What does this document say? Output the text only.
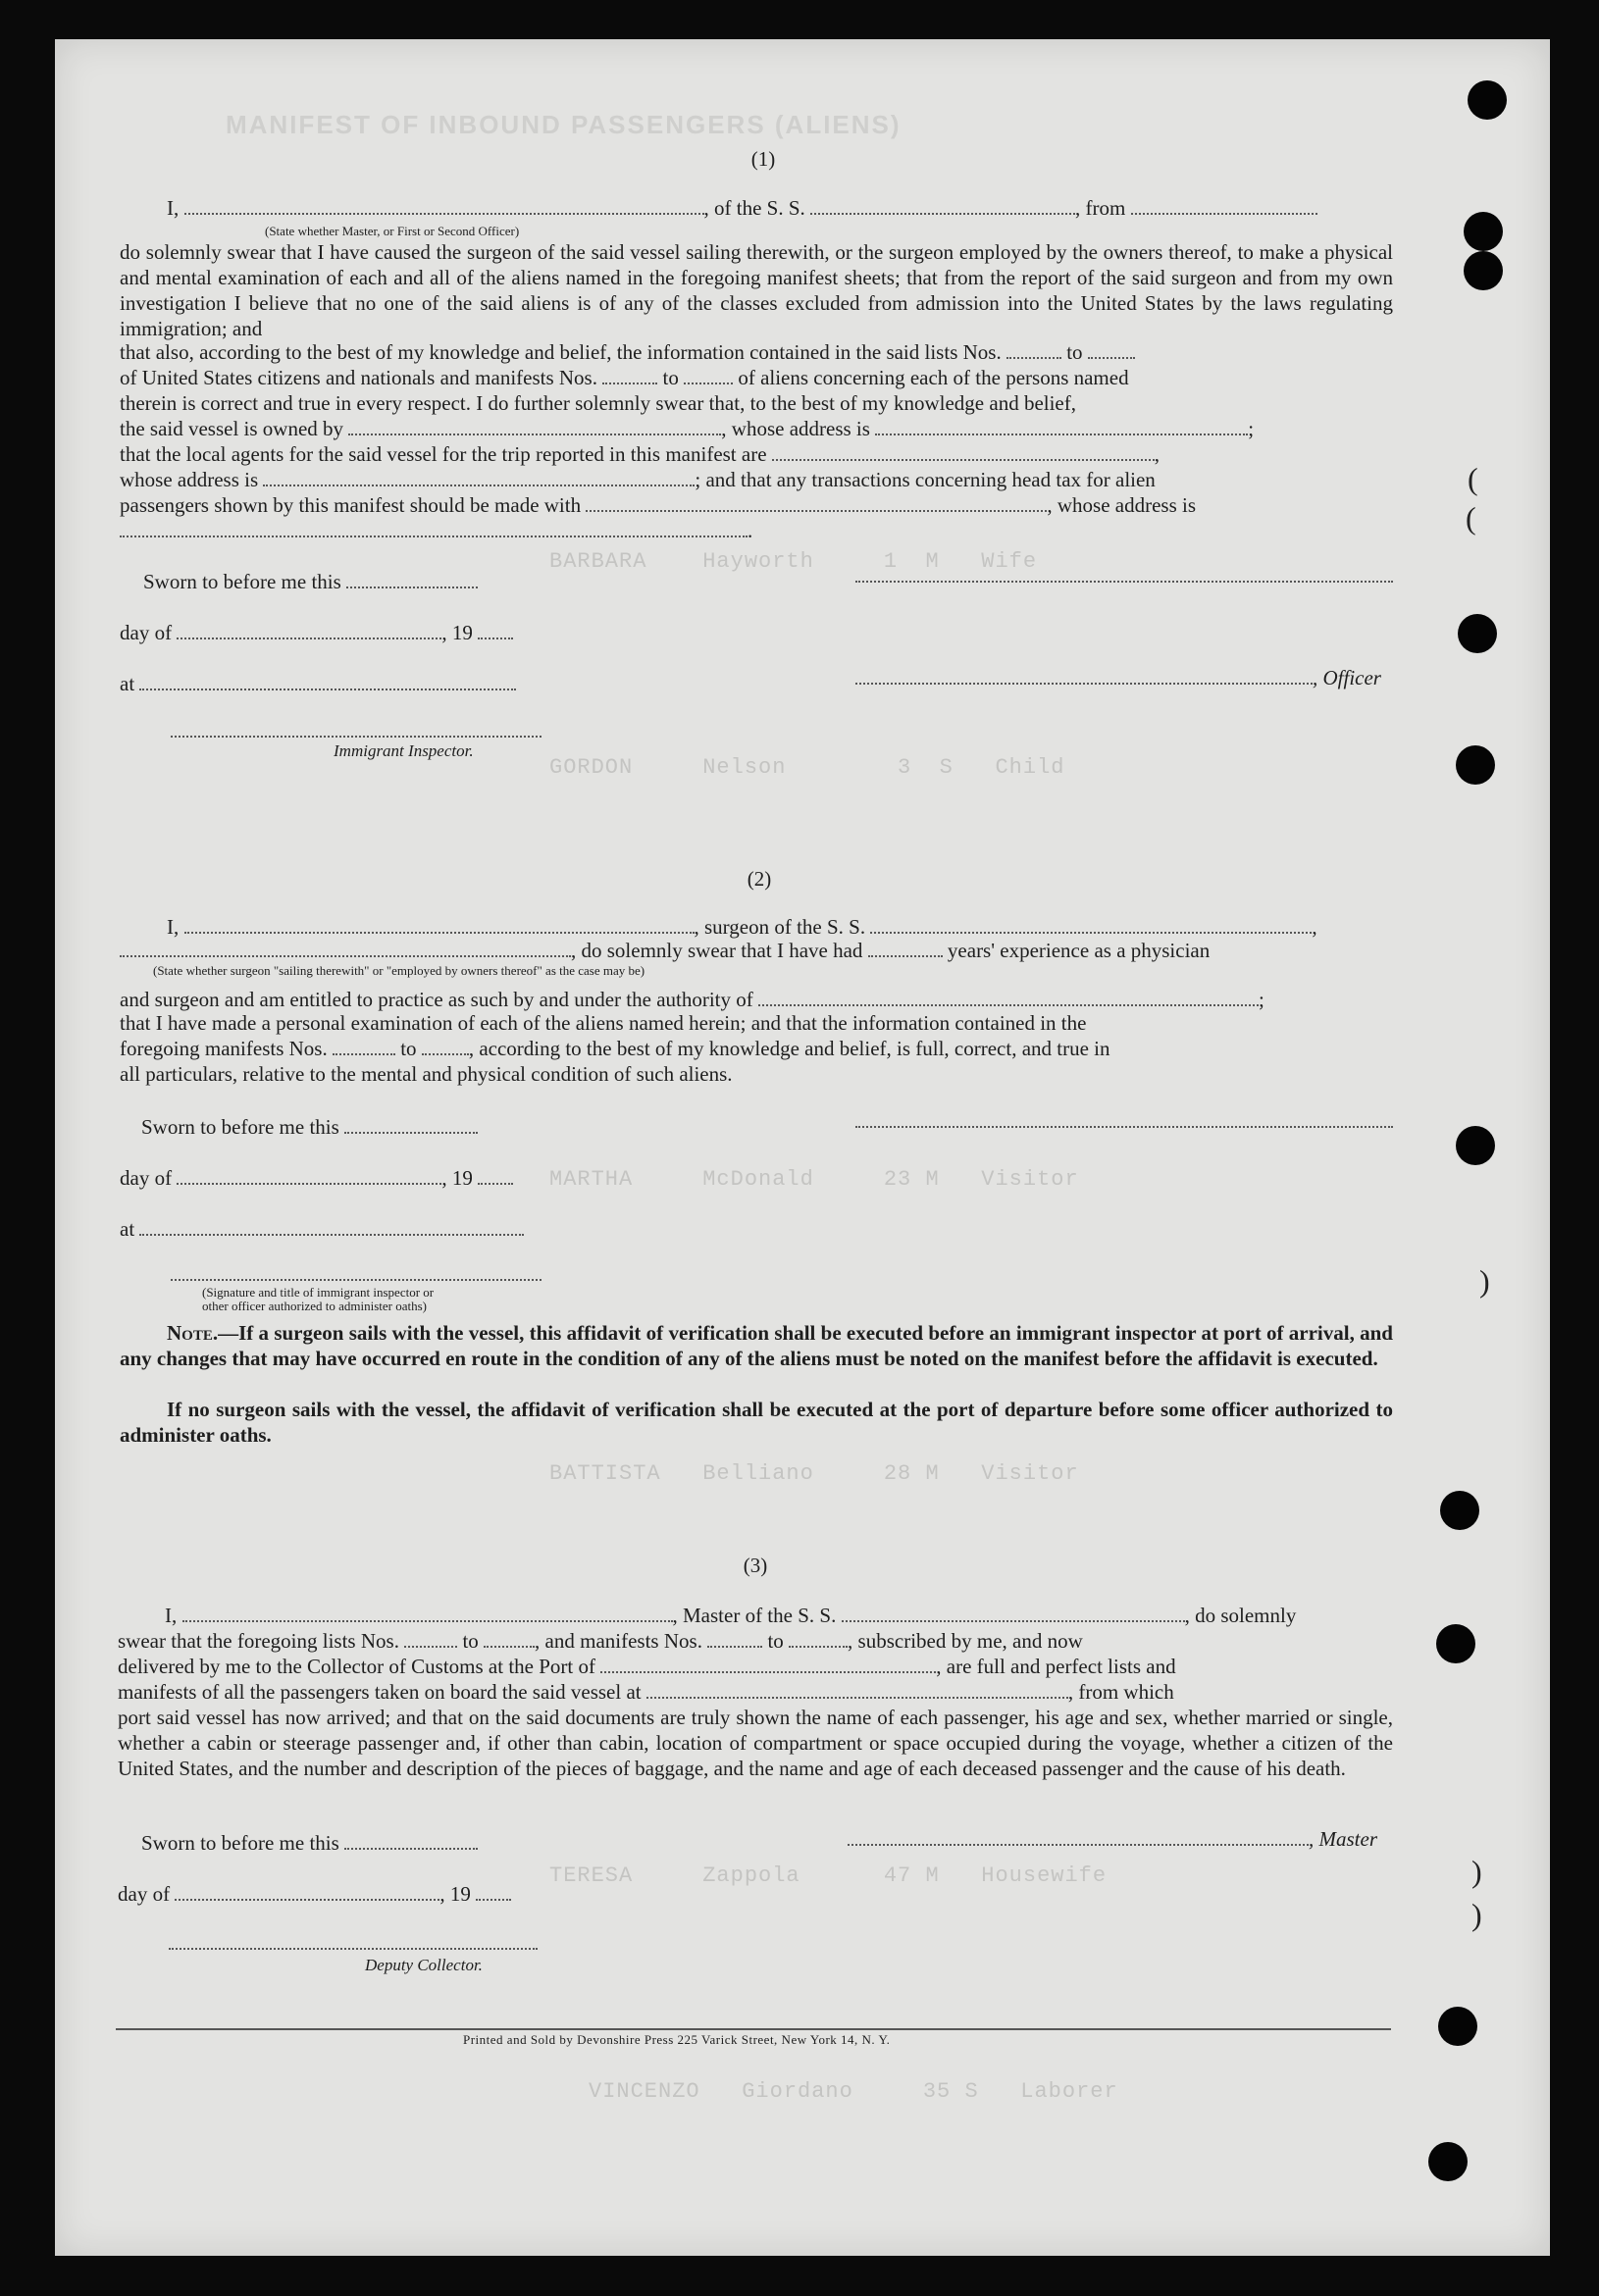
MANIFEST OF INBOUND PASSENGERS (ALIENS)
BARBARA    Hayworth     1  M   Wife
GORDON     Nelson        3  S   Child
MARTHA     McDonald     23 M   Visitor
BATTISTA   Belliano     28 M   Visitor
TERESA     Zappola      47 M   Housewife
VINCENZO   Giordano     35 S   Laborer
(1)
I,	, of the S. S.	, from
(State whether Master, or First or Second Officer)
do solemnly swear that I have caused the surgeon of the said vessel sailing therewith, or the surgeon employed by the owners thereof, to make a physical and mental examination of each and all of the aliens named in the foregoing manifest sheets; that from the report of the said surgeon and from my own investigation I believe that no one of the said aliens is of any of the classes excluded from admission into the United States by the laws regulating immigration; and
that also, according to the best of my knowledge and belief, the information contained in the said lists Nos.	to
of United States citizens and nationals and manifests Nos.	to	of aliens concerning each of the persons named
therein is correct and true in every respect. I do further solemnly swear that, to the best of my knowledge and belief,
the said vessel is owned by	, whose address is	;
that the local agents for the said vessel for the trip reported in this manifest are	,
whose address is	; and that any transactions concerning head tax for alien
passengers shown by this manifest should be made with	, whose address is
.
Sworn to before me this
day of	, 19
at	, Officer
Immigrant Inspector.
(2)
I,	, surgeon of the S. S.	,
, do solemnly swear that I have had	years' experience as a physician
(State whether surgeon "sailing therewith" or "employed by owners thereof" as the case may be)
and surgeon and am entitled to practice as such by and under the authority of	;
that I have made a personal examination of each of the aliens named herein; and that the information contained in the
foregoing manifests Nos.	to	, according to the best of my knowledge and belief, is full, correct, and true in
all particulars, relative to the mental and physical condition of such aliens.
Sworn to before me this
day of	, 19
at
(Signature and title of immigrant inspector or
other officer authorized to administer oaths)
Note.—If a surgeon sails with the vessel, this affidavit of verification shall be executed before an immigrant inspector at port of arrival, and any changes that may have occurred en route in the condition of any of the aliens must be noted on the manifest before the affidavit is executed.
If no surgeon sails with the vessel, the affidavit of verification shall be executed at the port of departure before some officer authorized to administer oaths.
(3)
I,	, Master of the S. S.	, do solemnly
swear that the foregoing lists Nos.	to	, and manifests Nos.	to	, subscribed by me, and now
delivered by me to the Collector of Customs at the Port of	, are full and perfect lists and
manifests of all the passengers taken on board the said vessel at	, from which
port said vessel has now arrived; and that on the said documents are truly shown the name of each passenger, his age and sex, whether married or single, whether a cabin or steerage passenger and, if other than cabin, location of compartment or space occupied during the voyage, whether a citizen of the United States, and the number and description of the pieces of baggage, and the name and age of each deceased passenger and the cause of his death.
Sworn to before me this	, Master
day of	, 19
Deputy Collector.
Printed and Sold by Devonshire Press 225 Varick Street, New York 14, N. Y.
(
(
)
)
)
